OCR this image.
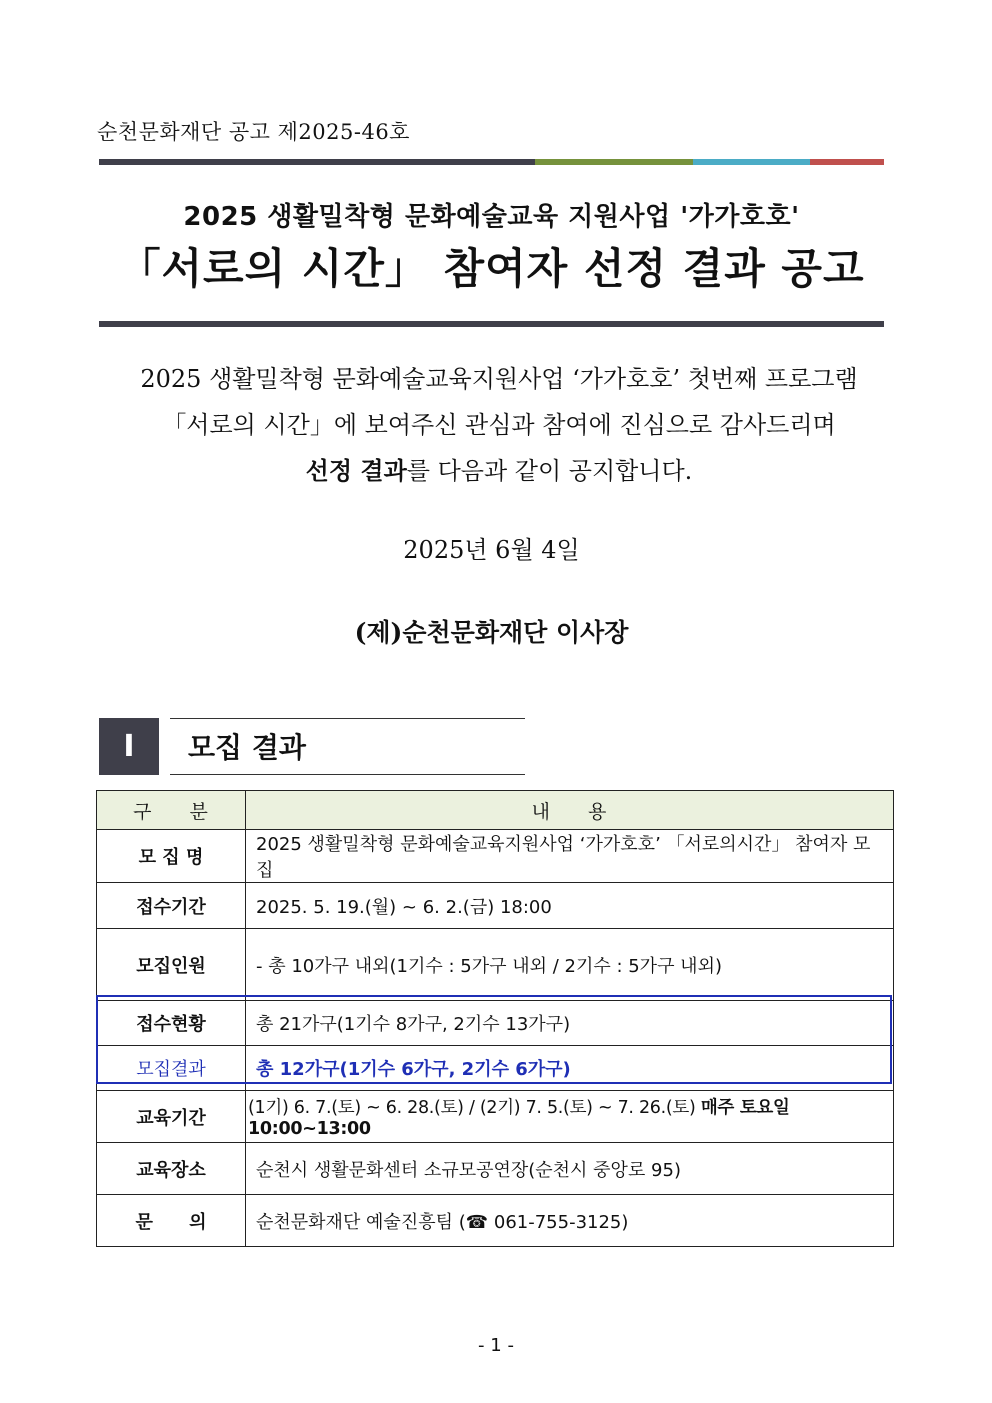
순천문화재단 공고 제2025-46호
2025 생활밀착형 문화예술교육 지원사업 '가가호호'
「서로의 시간」 참여자 선정 결과 공고

2025 생활밀착형 문화예술교육지원사업 ‘가가호호’ 첫번째 프로그램

「서로의 시간」에 보여주신 관심과 참여에 진심으로 감사드리며

선정 결과를 다음과 같이 공지합니다.

2025년 6월 4일
(제)순천문화재단 이사장
Ⅰ	모집 결과
구 분	내 용
모 집 명	2025 생활밀착형 문화예술교육지원사업 ‘가가호호’ 「서로의시간」 참여자 모집
접수기간	2025. 5. 19.(월) ~ 6. 2.(금) 18:00
모집인원	- 총 10가구 내외(1기수 : 5가구 내외 / 2기수 : 5가구 내외)
접수현황	총 21가구(1기수 8가구, 2기수 13가구)
모집결과	총 12가구(1기수 6가구, 2기수 6가구)
교육기간	(1기) 6. 7.(토) ~ 6. 28.(토) / (2기) 7. 5.(토) ~ 7. 26.(토) 매주 토요일 10:00~13:00
교육장소	순천시 생활문화센터 소규모공연장(순천시 중앙로 95)
문 의	순천문화재단 예술진흥팀 (☎ 061-755-3125)
- 1 -
